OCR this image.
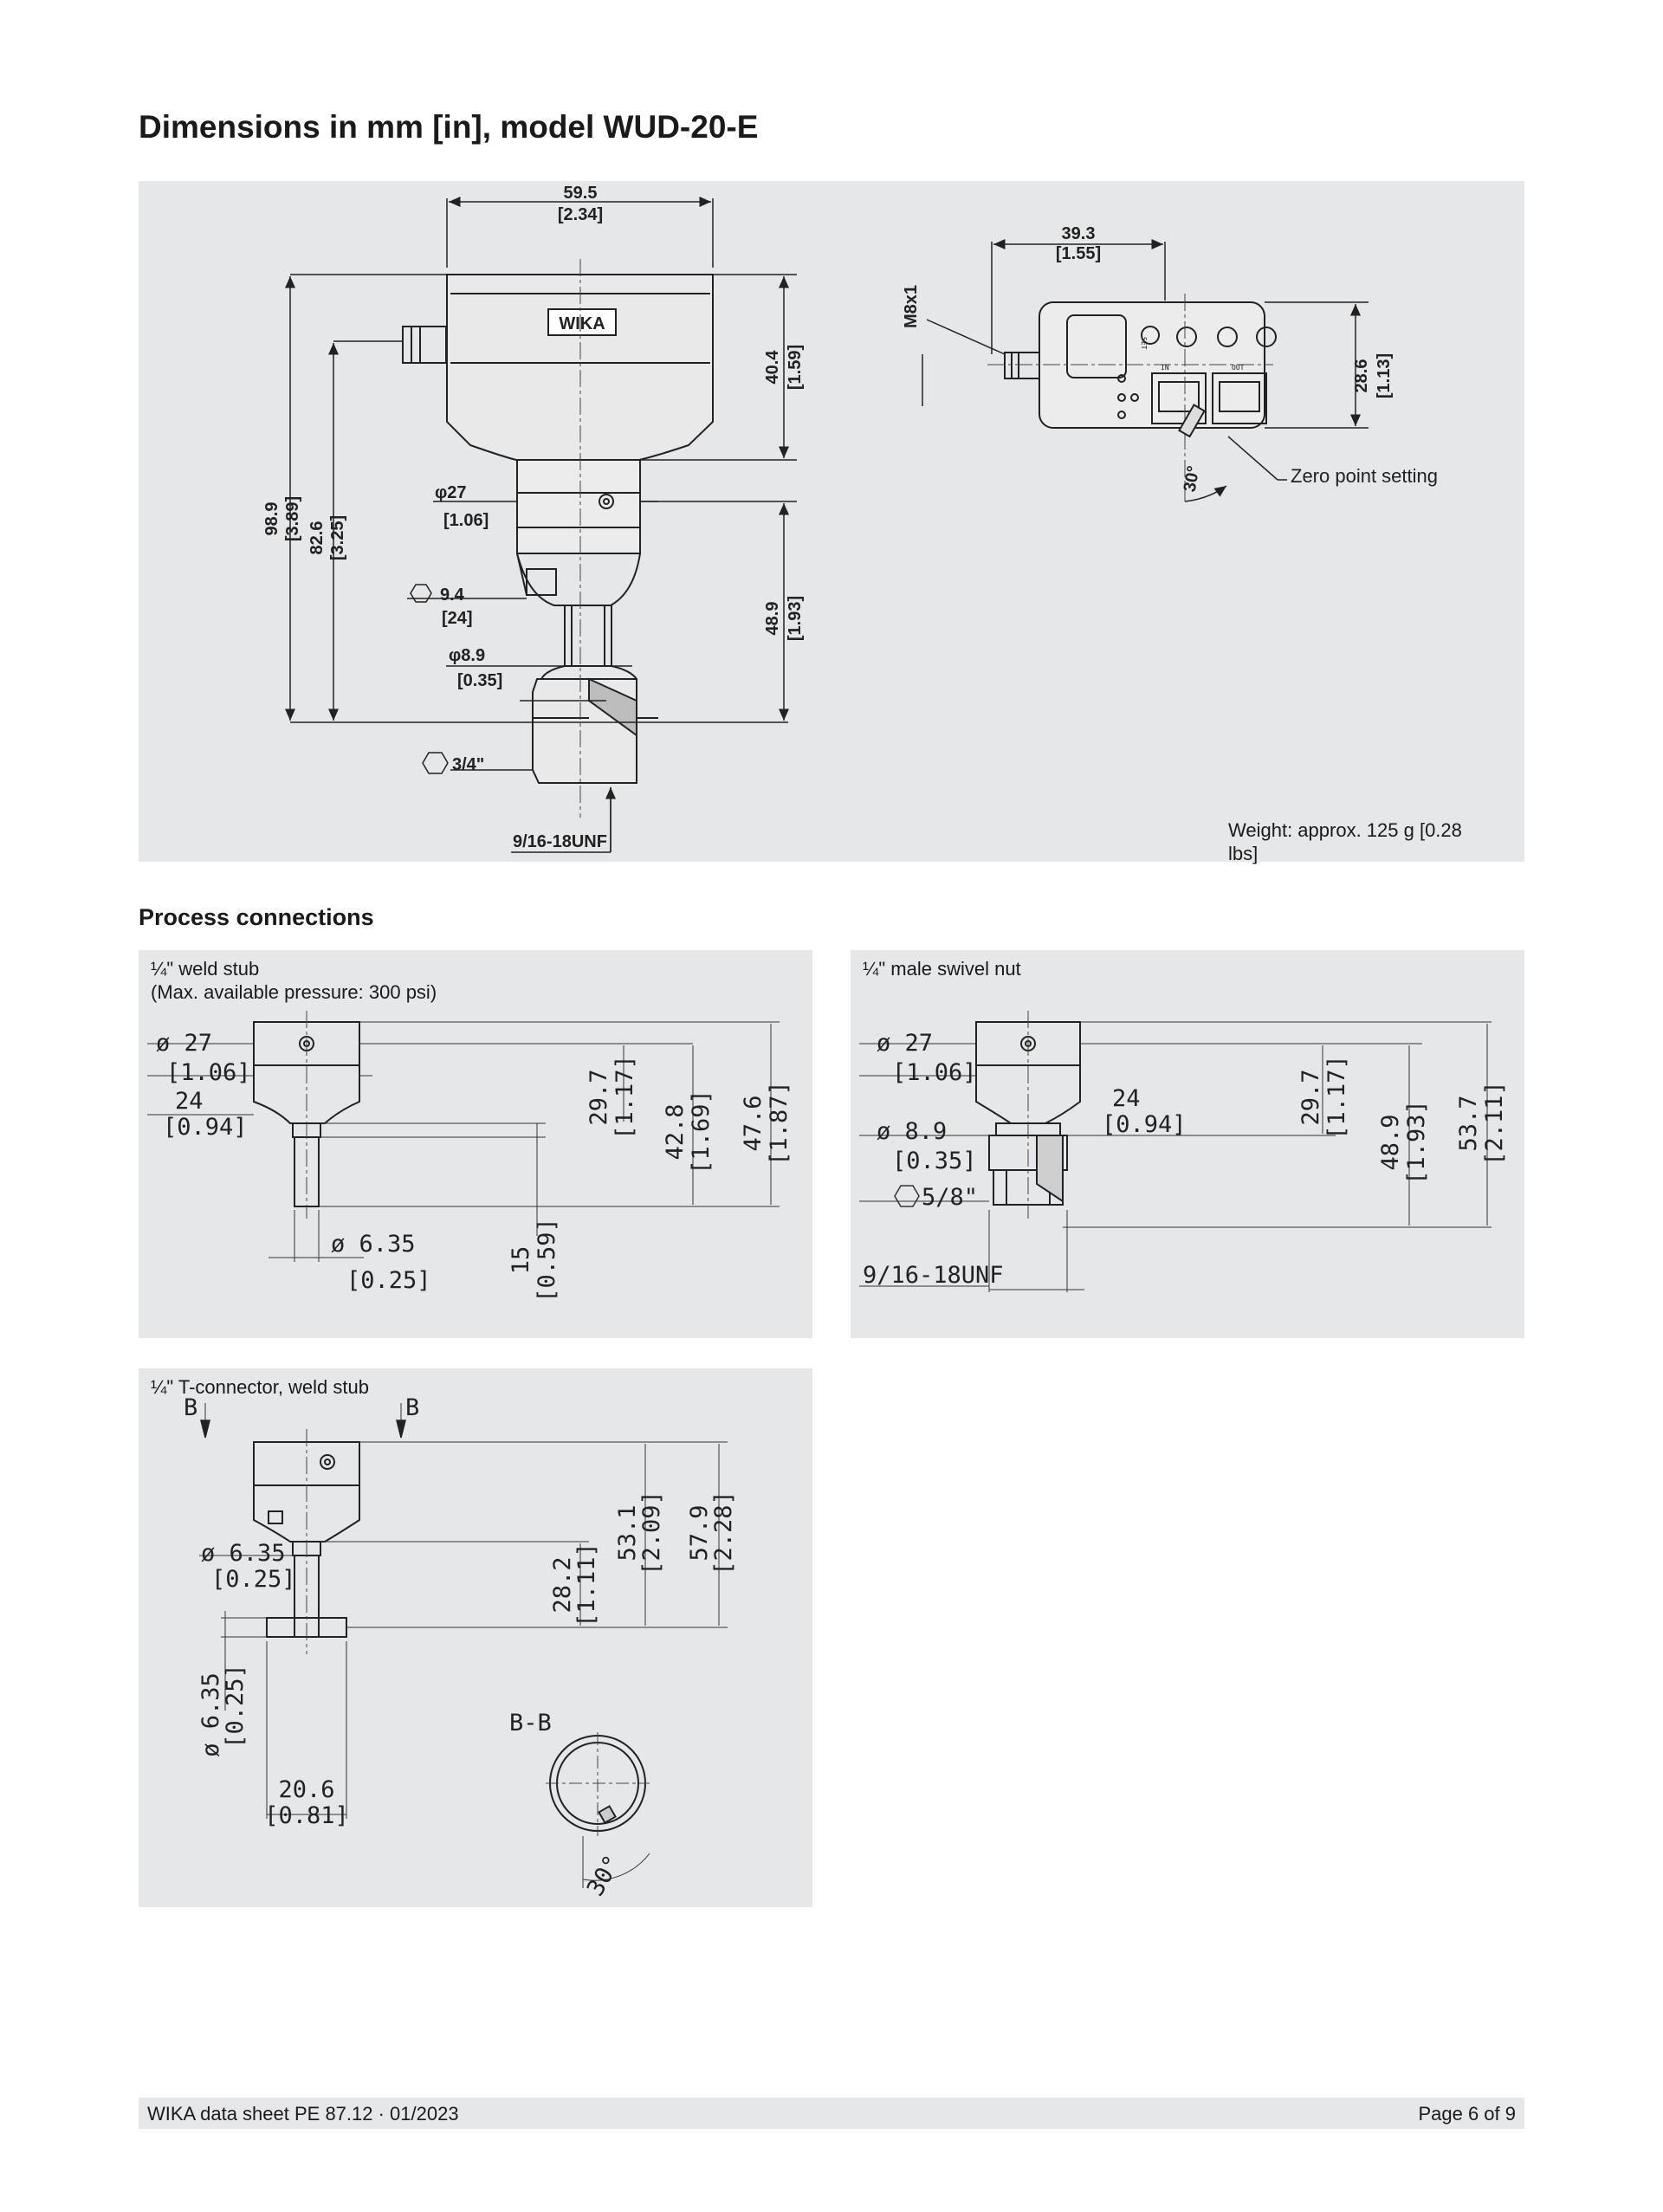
Dimensions in mm [in], model WUD-20-E
WIKA
59.5
[2.34]
98.9 [3.89] 82.6 [3.25]
40.4 [1.59]
48.9 [1.93]
φ27
[1.06]
9.4
[24]
φ8.9
[0.35]
3/4"
9/16-18UNF
39.3
[1.55]
M8x1
28.6 [1.13]
30°	Zero point setting
IN	OUT
SET
Weight: approx. 125 g [0.28 lbs]
Process connections
¼" weld stub
(Max. available pressure: 300 psi)
ø 27
[1.06]
24
[0.94]
29.7 [1.17] 42.8 [1.69] 47.6 [1.87]
ø 6.35
[0.25]
15 [0.59]
¼" male swivel nut
ø 27
[1.06]
24
[0.94]
ø 8.9
[0.35]
5/8"
9/16-18UNF
29.7 [1.17]
48.9 [1.93] 53.7 [2.11]
¼" T-connector, weld stub
B	B
ø 6.35
[0.25]	28.2
[1.11]
53.1
[2.09] 57.9
[2.28]
ø 6.35
[0.25]
20.6
[0.81]
B-B
30°
WIKA data sheet PE 87.12 · 01/2023	Page 6 of 9
